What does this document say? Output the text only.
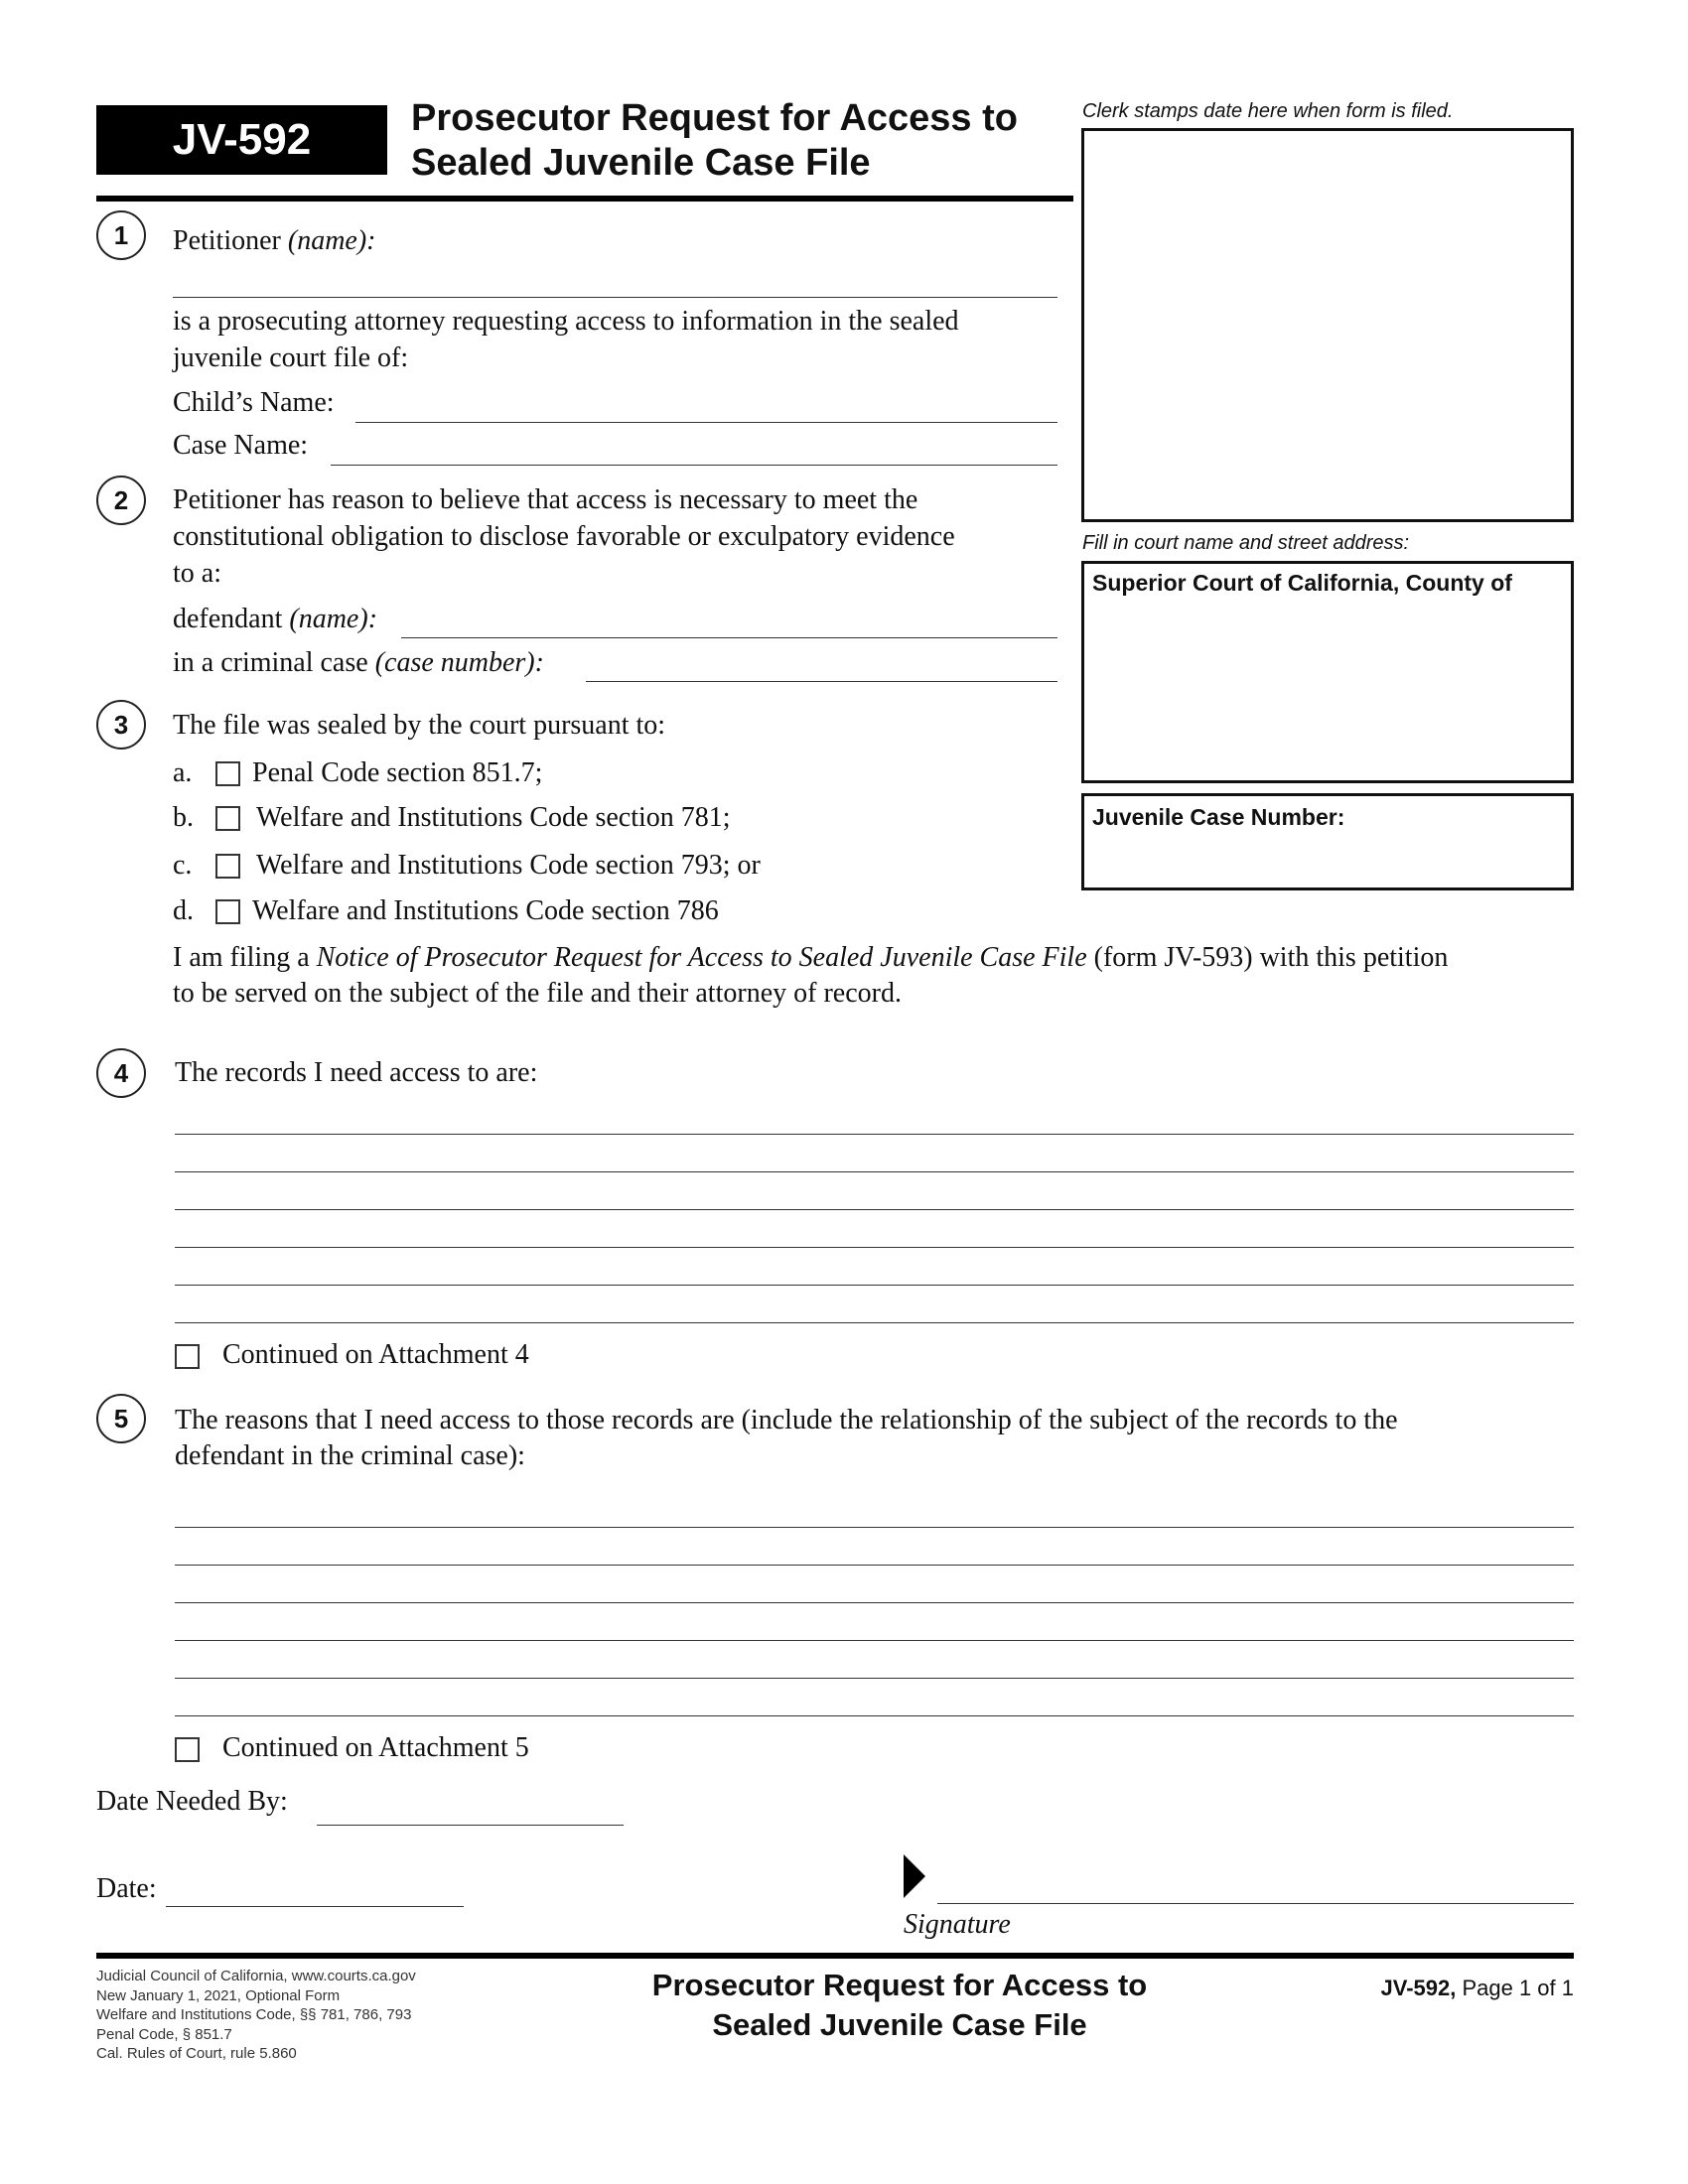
JV-592	Prosecutor Request for Access to
Sealed Juvenile Case File
Clerk stamps date here when form is filed.
Fill in court name and street address:
Superior Court of California, County of
Juvenile Case Number:
1	Petitioner (name):
is a prosecuting attorney requesting access to information in the sealed
juvenile court file of:
Child’s Name:
Case Name:
2	Petitioner has reason to believe that access is necessary to meet the
constitutional obligation to disclose favorable or exculpatory evidence
to a:
defendant (name):
in a criminal case (case number):
3	The file was sealed by the court pursuant to:
a. Penal Code section 851.7;
b. Welfare and Institutions Code section 781;
c. Welfare and Institutions Code section 793; or
d. Welfare and Institutions Code section 786
I am filing a Notice of Prosecutor Request for Access to Sealed Juvenile Case File (form JV-593) with this petition
to be served on the subject of the file and their attorney of record.
4	The records I need access to are:
Continued on Attachment 4
5	The reasons that I need access to those records are (include the relationship of the subject of the records to the
defendant in the criminal case):
Continued on Attachment 5
Date Needed By:
Date:
Signature
Judicial Council of California, www.courts.ca.gov
New January 1, 2021, Optional Form
Welfare and Institutions Code, §§ 781, 786, 793
Penal Code, § 851.7
Cal. Rules of Court, rule 5.860
Prosecutor Request for Access to
Sealed Juvenile Case File
JV-592, Page 1 of 1
